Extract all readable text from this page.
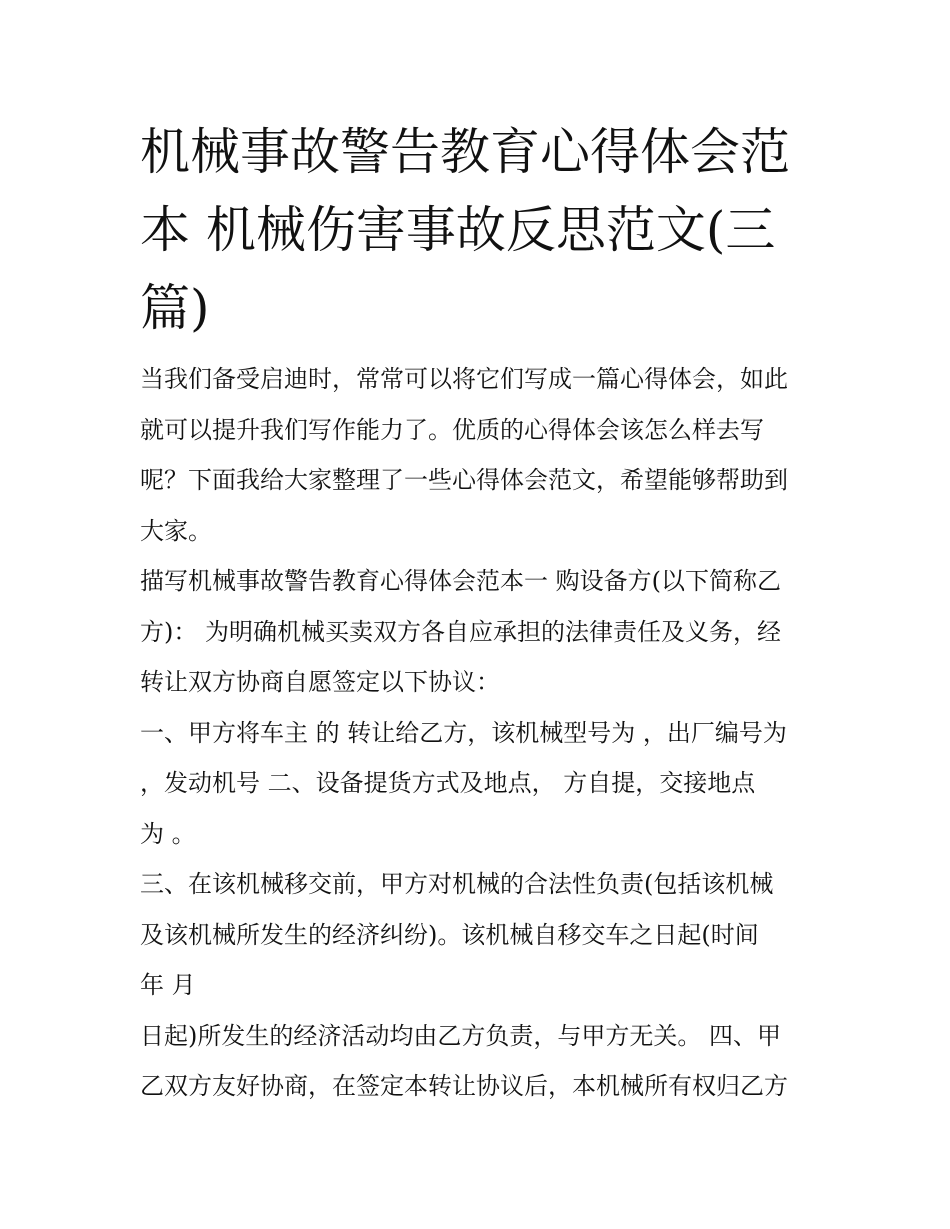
机械事故警告教育心得体会范
本 机械伤害事故反思范文(三
篇)
当我们备受启迪时，常常可以将它们写成一篇心得体会，如此
就可以提升我们写作能力了。优质的心得体会该怎么样去写
呢？下面我给大家整理了一些心得体会范文，希望能够帮助到
大家。
描写机械事故警告教育心得体会范本一 购设备方(以下简称乙
方)： 为明确机械买卖双方各自应承担的法律责任及义务，经
转让双方协商自愿签定以下协议：
一、甲方将车主 的 转让给乙方，该机械型号为 ，出厂编号为
，发动机号 二、设备提货方式及地点， 方自提，交接地点
为 。
三、在该机械移交前，甲方对机械的合法性负责(包括该机械
及该机械所发生的经济纠纷)。该机械自移交车之日起(时间
年 月
日起)所发生的经济活动均由乙方负责，与甲方无关。 四、甲
乙双方友好协商，在签定本转让协议后，本机械所有权归乙方
